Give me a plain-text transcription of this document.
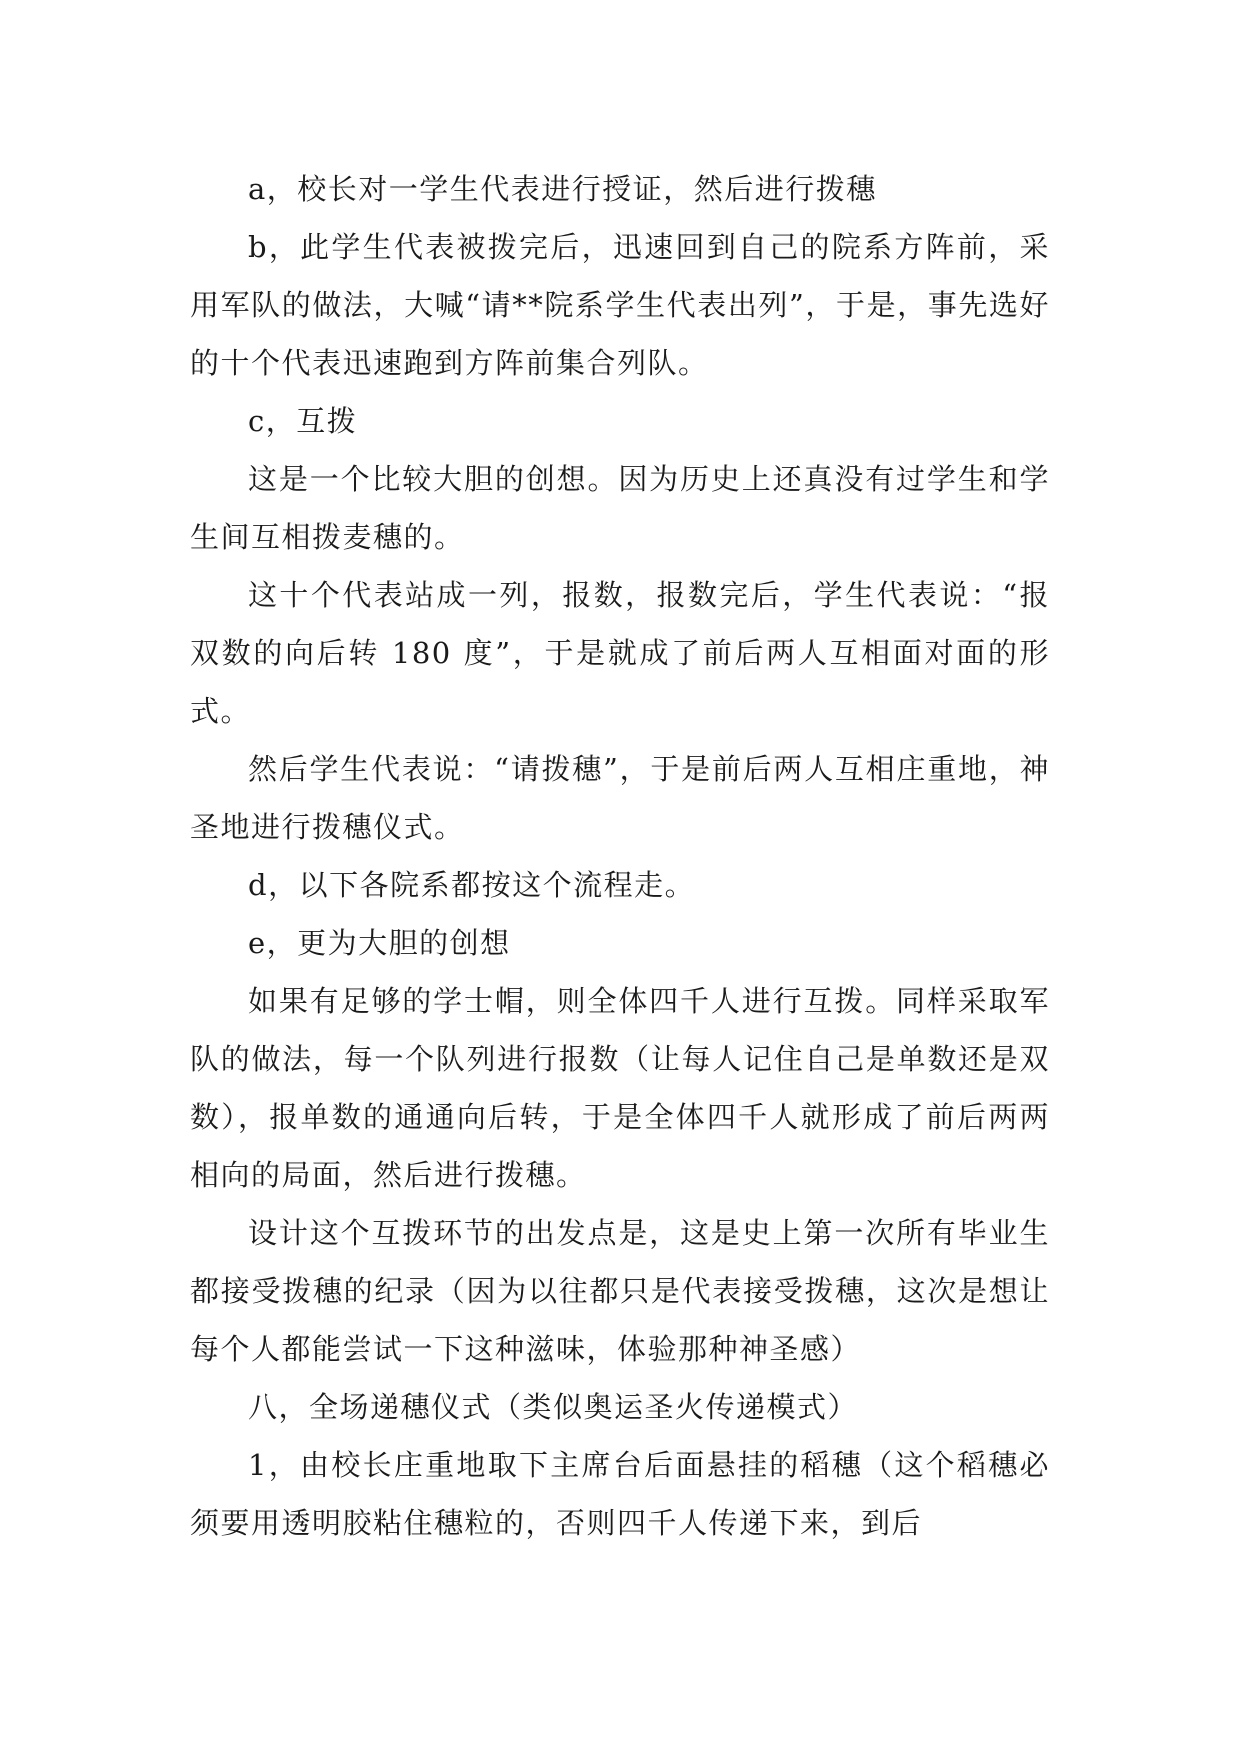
a，校长对一学生代表进行授证，然后进行拨穗

b，此学生代表被拨完后，迅速回到自己的院系方阵前，采用军队的做法，大喊“请**院系学生代表出列”，于是，事先选好的十个代表迅速跑到方阵前集合列队。

c，互拨

这是一个比较大胆的创想。因为历史上还真没有过学生和学生间互相拨麦穗的。

这十个代表站成一列，报数，报数完后，学生代表说：“报双数的向后转 180 度”，于是就成了前后两人互相面对面的形式。

然后学生代表说：“请拨穗”，于是前后两人互相庄重地，神圣地进行拨穗仪式。

d，以下各院系都按这个流程走。

e，更为大胆的创想

如果有足够的学士帽，则全体四千人进行互拨。同样采取军队的做法，每一个队列进行报数（让每人记住自己是单数还是双数），报单数的通通向后转，于是全体四千人就形成了前后两两相向的局面，然后进行拨穗。

设计这个互拨环节的出发点是，这是史上第一次所有毕业生都接受拨穗的纪录（因为以往都只是代表接受拨穗，这次是想让每个人都能尝试一下这种滋味，体验那种神圣感）

八，全场递穗仪式（类似奥运圣火传递模式）

1，由校长庄重地取下主席台后面悬挂的稻穗（这个稻穗必须要用透明胶粘住穗粒的，否则四千人传递下来，到后
